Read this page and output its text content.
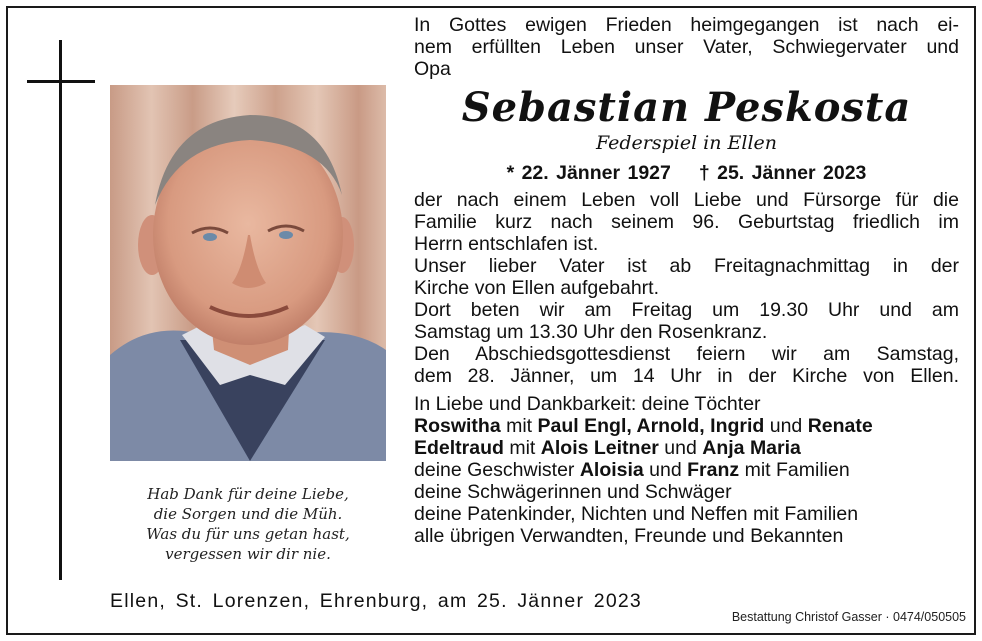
Hab Dank für deine Liebe,
die Sorgen und die Müh.
Was du für uns getan hast,
vergessen wir dir nie.
In Gottes ewigen Frieden heimgegangen ist nach ei-
nem erfüllten Leben unser Vater, Schwiegervater und
Opa
Sebastian Peskosta
Federspiel in Ellen
* 22. Jänner 1927 † 25. Jänner 2023
der nach einem Leben voll Liebe und Fürsorge für die
Familie kurz nach seinem 96. Geburtstag friedlich im
Herrn entschlafen ist.
Unser lieber Vater ist ab Freitagnachmittag in der
Kirche von Ellen aufgebahrt.
Dort beten wir am Freitag um 19.30 Uhr und am
Samstag um 13.30 Uhr den Rosenkranz.
Den Abschiedsgottesdienst feiern wir am Samstag,
dem 28. Jänner, um 14 Uhr in der Kirche von Ellen.
In Liebe und Dankbarkeit: deine Töchter
Roswitha mit Paul Engl, Arnold, Ingrid und Renate
Edeltraud mit Alois Leitner und Anja Maria
deine Geschwister Aloisia und Franz mit Familien
deine Schwägerinnen und Schwäger
deine Patenkinder, Nichten und Neffen mit Familien
alle übrigen Verwandten, Freunde und Bekannten
Ellen, St. Lorenzen, Ehrenburg, am 25. Jänner 2023
Bestattung Christof Gasser · 0474/050505
